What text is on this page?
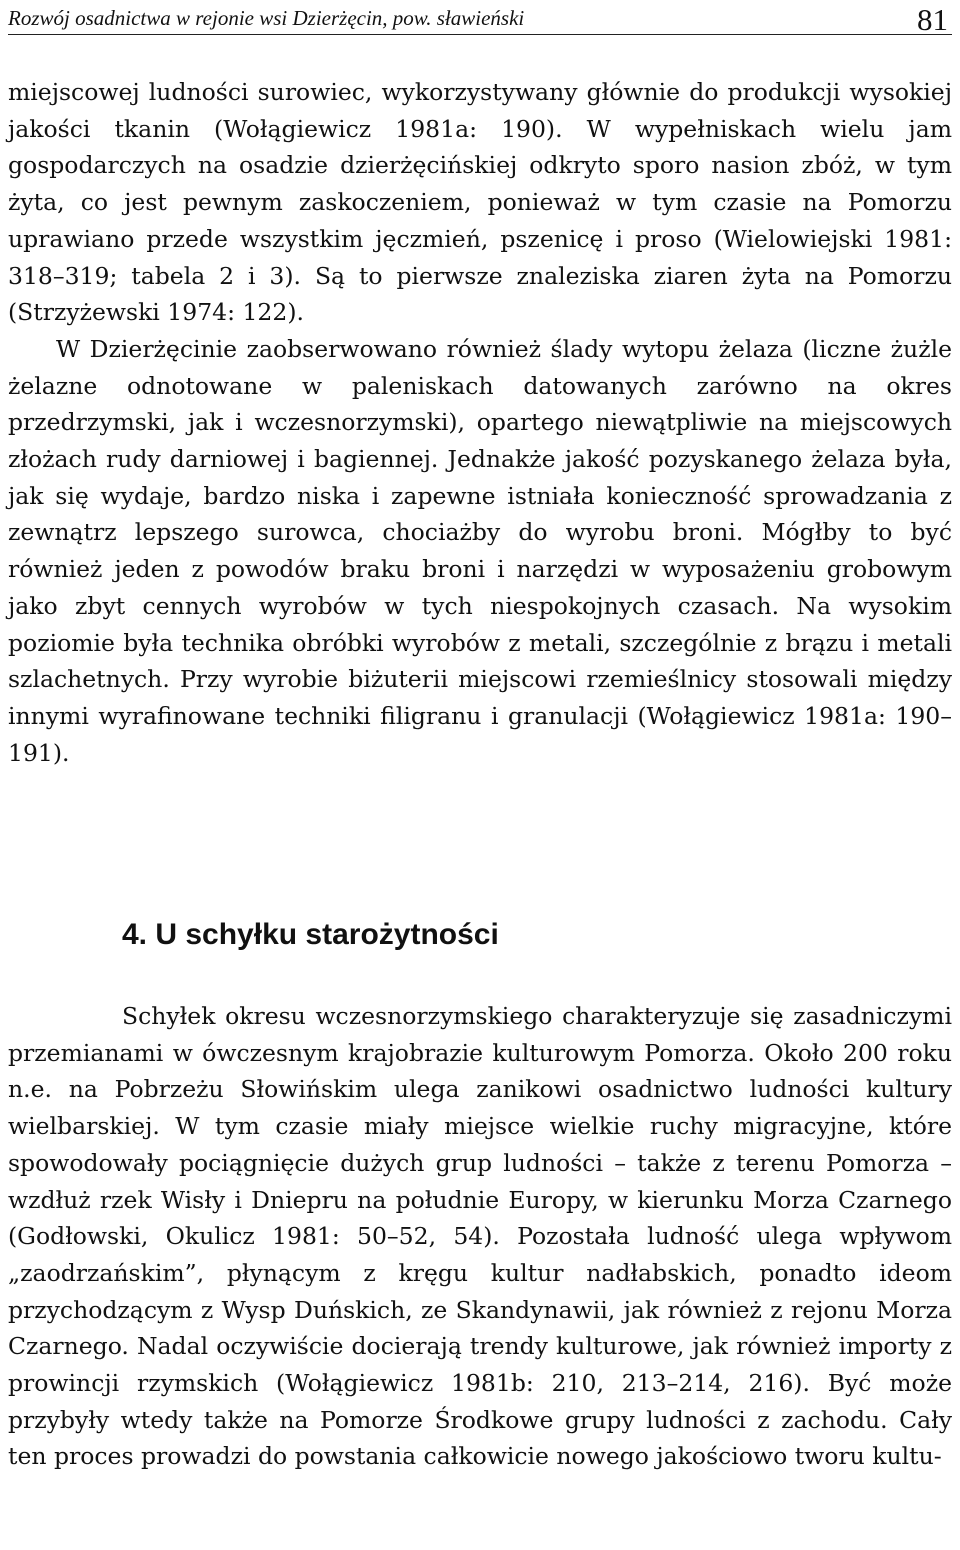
Rozwój osadnictwa w rejonie wsi Dzierżęcin, pow. sławieński	81

miejscowej ludności surowiec, wykorzystywany głównie do produkcji wysokiej jakości tkanin (Wołągiewicz 1981a: 190). W wypełniskach wielu jam gospodarczych na osadzie dzierżęcińskiej odkryto sporo nasion zbóż, w tym żyta, co jest pewnym zaskoczeniem, ponieważ w tym czasie na Pomorzu uprawiano przede wszystkim jęczmień, pszenicę i proso (Wielowiejski 1981: 318–319; tabela 2 i 3). Są to pierwsze znaleziska ziaren żyta na Pomorzu (Strzyżewski 1974: 122).

W Dzierżęcinie zaobserwowano również ślady wytopu żelaza (liczne żużle żelazne odnotowane w paleniskach datowanych zarówno na okres przedrzymski, jak i wczesnorzymski), opartego niewątpliwie na miejscowych złożach rudy darniowej i bagiennej. Jednakże jakość pozyskanego żelaza była, jak się wydaje, bardzo niska i zapewne istniała konieczność sprowadzania z zewnątrz lepszego surowca, chociażby do wyrobu broni. Mógłby to być również jeden z powodów braku broni i narzędzi w wyposażeniu grobowym jako zbyt cennych wyrobów w tych niespokojnych czasach. Na wysokim poziomie była technika obróbki wyrobów z metali, szczególnie z brązu i metali szlachetnych. Przy wyrobie biżuterii miejscowi rzemieślnicy stosowali między innymi wyrafinowane techniki filigranu i granulacji (Wołągiewicz 1981a: 190–191).

4. U schyłku starożytności

Schyłek okresu wczesnorzymskiego charakteryzuje się zasadniczymi przemianami w ówczesnym krajobrazie kulturowym Pomorza. Około 200 roku n.e. na Pobrzeżu Słowińskim ulega zanikowi osadnictwo ludności kultury wielbarskiej. W tym czasie miały miejsce wielkie ruchy migracyjne, które spowodowały pociągnięcie dużych grup ludności – także z terenu Pomorza – wzdłuż rzek Wisły i Dniepru na południe Europy, w kierunku Morza Czarnego (Godłowski, Okulicz 1981: 50–52, 54). Pozostała ludność ulega wpływom „zaodrzańskim”, płynącym z kręgu kultur nadłabskich, ponadto ideom przychodzącym z Wysp Duńskich, ze Skandynawii, jak również z rejonu Morza Czarnego. Nadal oczywiście docierają trendy kulturowe, jak również importy z prowincji rzymskich (Wołągiewicz 1981b: 210, 213–214, 216). Być może przybyły wtedy także na Pomorze Środkowe grupy ludności z zachodu. Cały ten proces prowadzi do powstania całkowicie nowego jakościowo tworu kultu-
